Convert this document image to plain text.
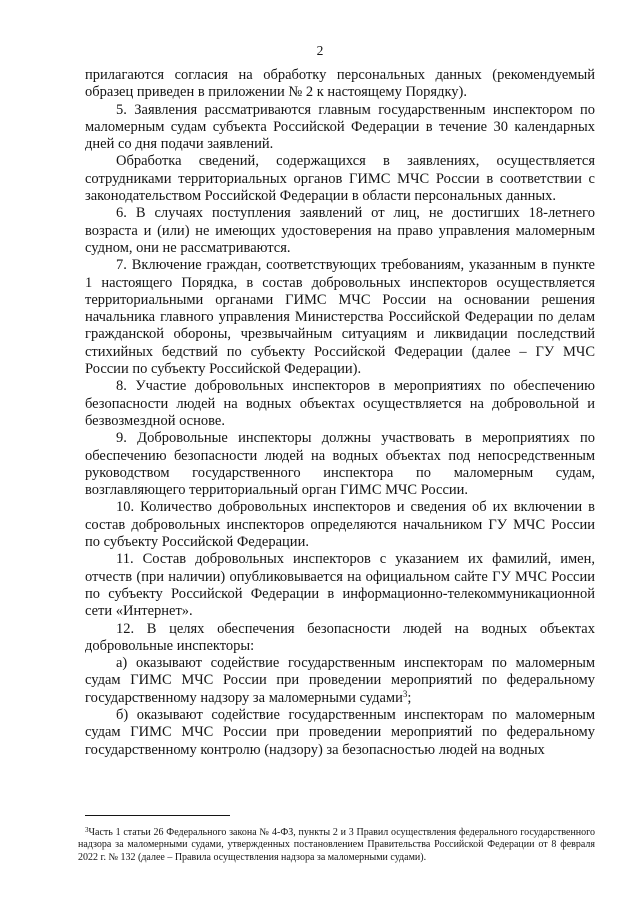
2

прилагаются согласия на обработку персональных данных (рекомендуемый образец приведен в приложении № 2 к настоящему Порядку).

5. Заявления рассматриваются главным государственным инспектором по маломерным судам субъекта Российской Федерации в течение 30 календарных дней со дня подачи заявлений.

Обработка сведений, содержащихся в заявлениях, осуществляется сотрудниками территориальных органов ГИМС МЧС России в соответствии с законодательством Российской Федерации в области персональных данных.

6. В случаях поступления заявлений от лиц, не достигших 18-летнего возраста и (или) не имеющих удостоверения на право управления маломерным судном, они не рассматриваются.

7. Включение граждан, соответствующих требованиям, указанным в пункте 1 настоящего Порядка, в состав добровольных инспекторов осуществляется территориальными органами ГИМС МЧС России на основании решения начальника главного управления Министерства Российской Федерации по делам гражданской обороны, чрезвычайным ситуациям и ликвидации последствий стихийных бедствий по субъекту Российской Федерации (далее – ГУ МЧС России по субъекту Российской Федерации).

8. Участие добровольных инспекторов в мероприятиях по обеспечению безопасности людей на водных объектах осуществляется на добровольной и безвозмездной основе.

9. Добровольные инспекторы должны участвовать в мероприятиях по обеспечению безопасности людей на водных объектах под непосредственным руководством государственного инспектора по маломерным судам, возглавляющего территориальный орган ГИМС МЧС России.

10. Количество добровольных инспекторов и сведения об их включении в состав добровольных инспекторов определяются начальником ГУ МЧС России по субъекту Российской Федерации.

11. Состав добровольных инспекторов с указанием их фамилий, имен, отчеств (при наличии) опубликовывается на официальном сайте ГУ МЧС России по субъекту Российской Федерации в информационно-телекоммуникационной сети «Интернет».

12. В целях обеспечения безопасности людей на водных объектах добровольные инспекторы:

а) оказывают содействие государственным инспекторам по маломерным судам ГИМС МЧС России при проведении мероприятий по федеральному государственному надзору за маломерными судами$^3$;

б) оказывают содействие государственным инспекторам по маломерным судам ГИМС МЧС России при проведении мероприятий по федеральному государственному контролю (надзору) за безопасностью людей на водных

$^3$Часть 1 статьи 26 Федерального закона № 4-ФЗ, пункты 2 и 3 Правил осуществления федерального государственного надзора за маломерными судами, утвержденных постановлением Правительства Российской Федерации от 8 февраля 2022 г. № 132 (далее – Правила осуществления надзора за маломерными судами).
